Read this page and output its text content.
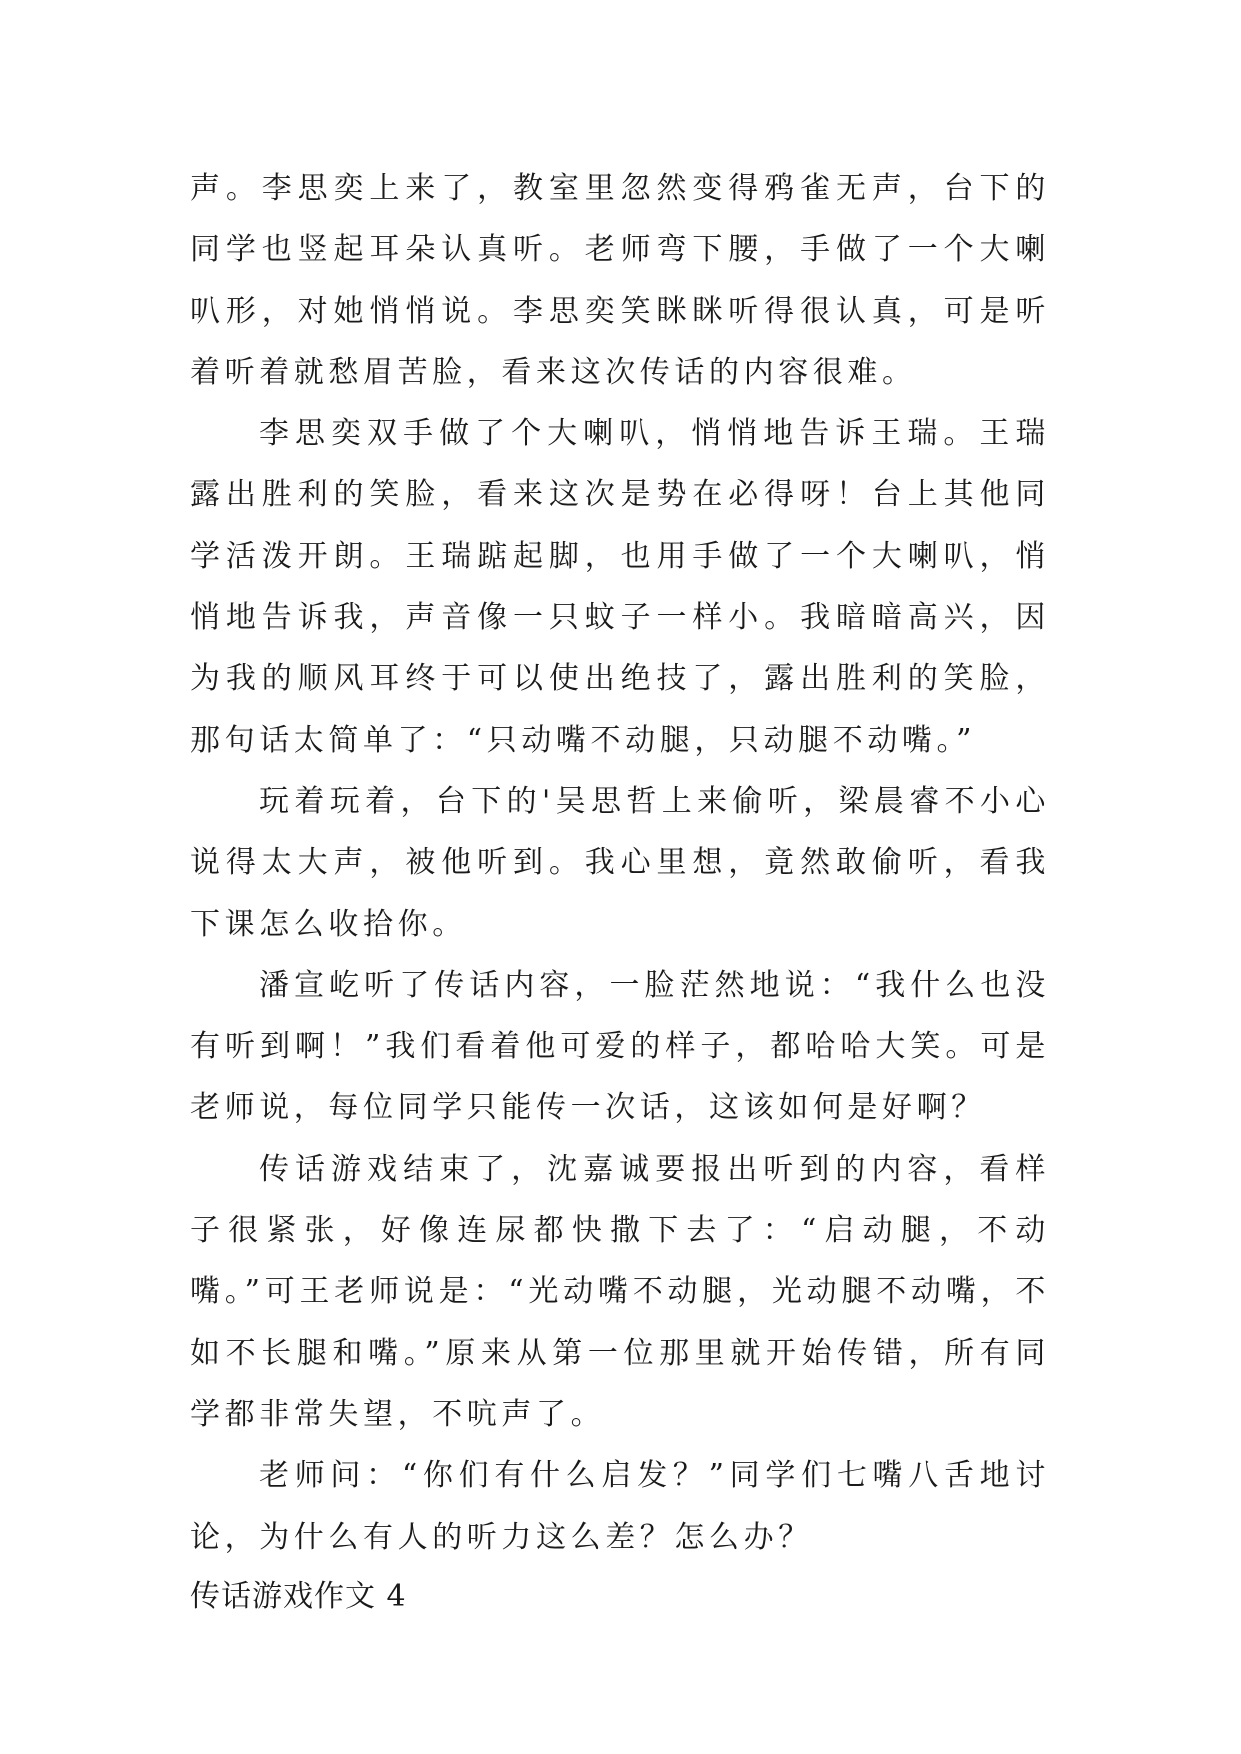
声。李思奕上来了，教室里忽然变得鸦雀无声，台下的同学也竖起耳朵认真听。老师弯下腰，手做了一个大喇叭形，对她悄悄说。李思奕笑眯眯听得很认真，可是听着听着就愁眉苦脸，看来这次传话的内容很难。

李思奕双手做了个大喇叭，悄悄地告诉王瑞。王瑞露出胜利的笑脸，看来这次是势在必得呀！台上其他同学活泼开朗。王瑞踮起脚，也用手做了一个大喇叭，悄悄地告诉我，声音像一只蚊子一样小。我暗暗高兴，因为我的顺风耳终于可以使出绝技了，露出胜利的笑脸，那句话太简单了：“只动嘴不动腿，只动腿不动嘴。”

玩着玩着，台下的'吴思哲上来偷听，梁晨睿不小心说得太大声，被他听到。我心里想，竟然敢偷听，看我下课怎么收拾你。

潘宣屹听了传话内容，一脸茫然地说：“我什么也没有听到啊！”我们看着他可爱的样子，都哈哈大笑。可是老师说，每位同学只能传一次话，这该如何是好啊？

传话游戏结束了，沈嘉诚要报出听到的内容，看样子很紧张，好像连尿都快撒下去了：“启动腿，不动嘴。”可王老师说是：“光动嘴不动腿，光动腿不动嘴，不如不长腿和嘴。”原来从第一位那里就开始传错，所有同学都非常失望，不吭声了。

老师问：“你们有什么启发？”同学们七嘴八舌地讨论，为什么有人的听力这么差？怎么办？

传话游戏作文 4
